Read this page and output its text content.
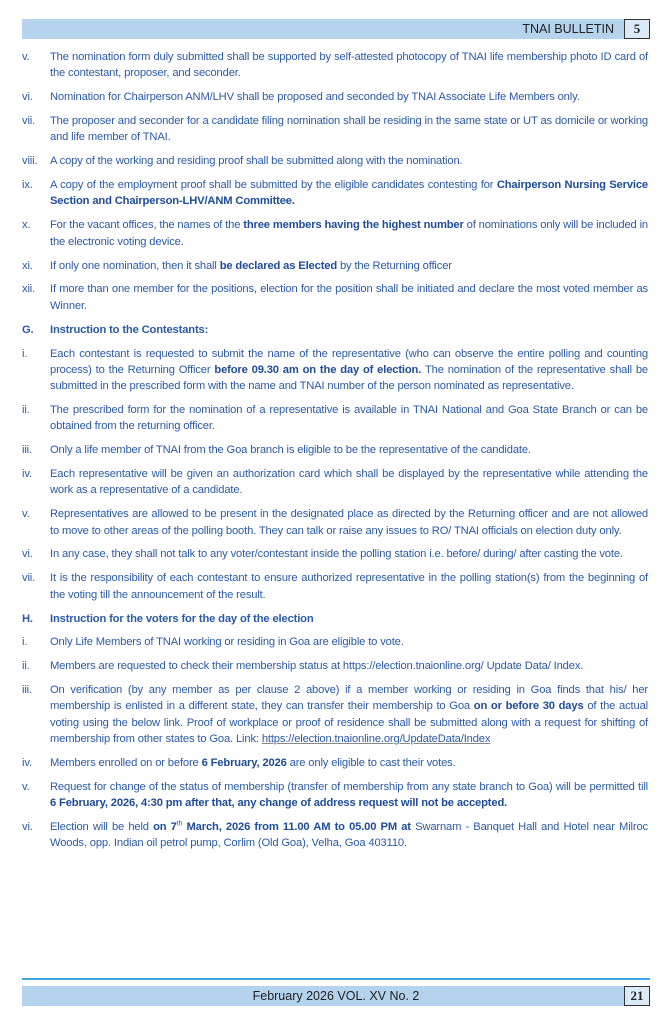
TNAI BULLETIN	5
v. The nomination form duly submitted shall be supported by self-attested photocopy of TNAI life membership photo ID card of the contestant, proposer, and seconder.
vi. Nomination for Chairperson ANM/LHV shall be proposed and seconded by TNAI Associate Life Members only.
vii. The proposer and seconder for a candidate filing nomination shall be residing in the same state or UT as domicile or working and life member of TNAI.
viii. A copy of the working and residing proof shall be submitted along with the nomination.
ix. A copy of the employment proof shall be submitted by the eligible candidates contesting for Chairperson Nursing Service Section and Chairperson-LHV/ANM Committee.
x. For the vacant offices, the names of the three members having the highest number of nominations only will be included in the electronic voting device.
xi. If only one nomination, then it shall be declared as Elected by the Returning officer
xii. If more than one member for the positions, election for the position shall be initiated and declare the most voted member as Winner.
G. Instruction to the Contestants:
i. Each contestant is requested to submit the name of the representative (who can observe the entire polling and counting process) to the Returning Officer before 09.30 am on the day of election. The nomination of the representative shall be submitted in the prescribed form with the name and TNAI number of the person nominated as representative.
ii. The prescribed form for the nomination of a representative is available in TNAI National and Goa State Branch or can be obtained from the returning officer.
iii. Only a life member of TNAI from the Goa branch is eligible to be the representative of the candidate.
iv. Each representative will be given an authorization card which shall be displayed by the representative while attending the work as a representative of a candidate.
v. Representatives are allowed to be present in the designated place as directed by the Returning officer and are not allowed to move to other areas of the polling booth. They can talk or raise any issues to RO/ TNAI officials on election duty only.
vi. In any case, they shall not talk to any voter/contestant inside the polling station i.e. before/ during/ after casting the vote.
vii. It is the responsibility of each contestant to ensure authorized representative in the polling station(s) from the beginning of the voting till the announcement of the result.
H. Instruction for the voters for the day of the election
i. Only Life Members of TNAI working or residing in Goa are eligible to vote.
ii. Members are requested to check their membership status at https://election.tnaionline.org/ Update Data/ Index.
iii. On verification (by any member as per clause 2 above) if a member working or residing in Goa finds that his/ her membership is enlisted in a different state, they can transfer their membership to Goa on or before 30 days of the actual voting using the below link. Proof of workplace or proof of residence shall be submitted along with a request for shifting of membership from other states to Goa. Link: https://election.tnaionline.org/UpdateData/Index
iv. Members enrolled on or before 6 February, 2026 are only eligible to cast their votes.
v. Request for change of the status of membership (transfer of membership from any state branch to Goa) will be permitted till 6 February, 2026, 4:30 pm after that, any change of address request will not be accepted.
vi. Election will be held on 7th March, 2026 from 11.00 AM to 05.00 PM at Swarnam - Banquet Hall and Hotel near Milroc Woods, opp. Indian oil petrol pump, Corlim (Old Goa), Velha, Goa 403110.
February 2026 VOL. XV No. 2	21
